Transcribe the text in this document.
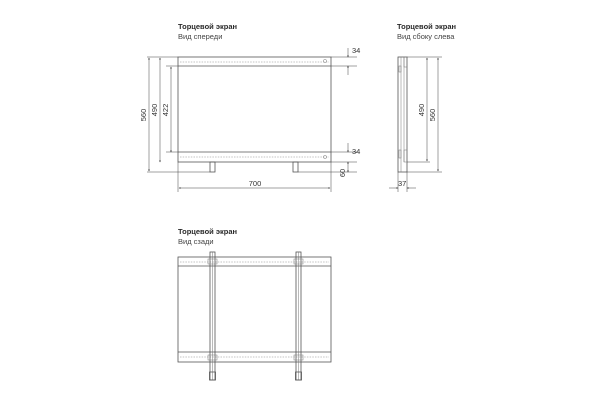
Торцевой экран
Вид спереди
560 490 422
700
34
34
60
Торцевой экран
Вид сбоку слева
490 560
37
Торцевой экран
Вид сзади
